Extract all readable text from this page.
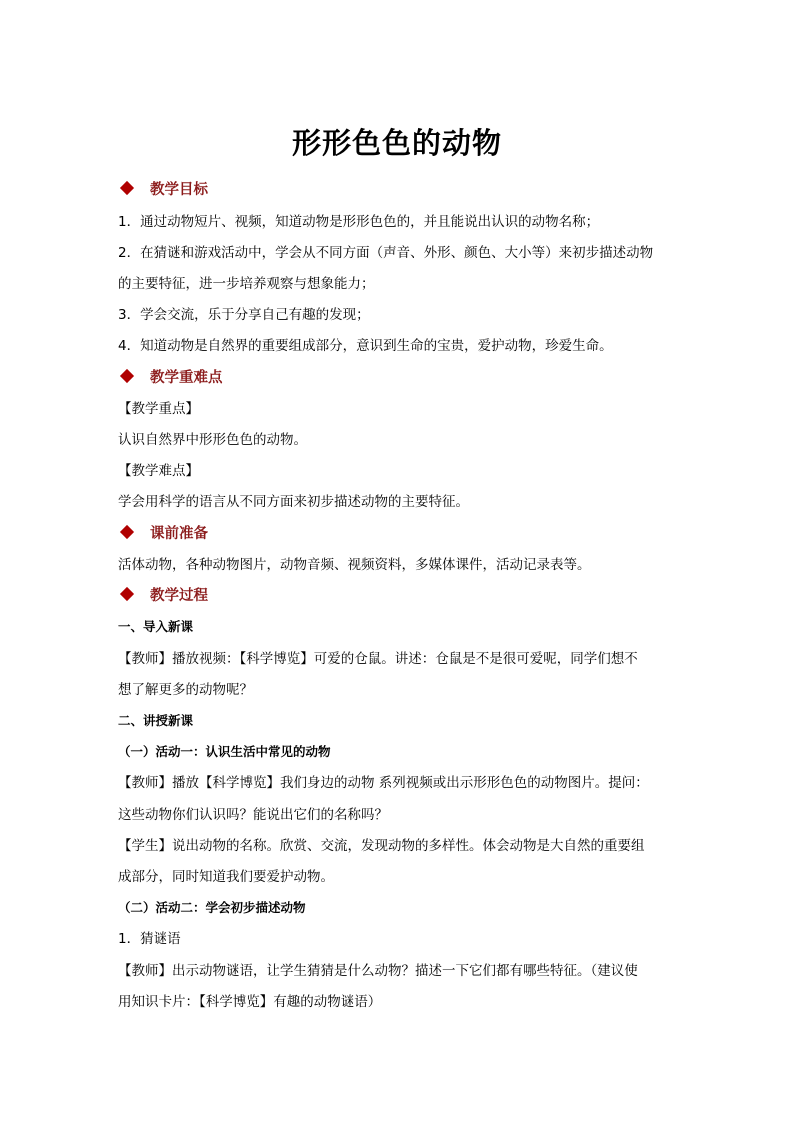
形形色色的动物
教学目标
1．通过动物短片、视频，知道动物是形形色色的，并且能说出认识的动物名称；
2．在猜谜和游戏活动中，学会从不同方面（声音、外形、颜色、大小等）来初步描述动物
的主要特征，进一步培养观察与想象能力；
3．学会交流，乐于分享自己有趣的发现；
4．知道动物是自然界的重要组成部分，意识到生命的宝贵，爱护动物，珍爱生命。
教学重难点
【教学重点】
认识自然界中形形色色的动物。
【教学难点】
学会用科学的语言从不同方面来初步描述动物的主要特征。
课前准备
活体动物，各种动物图片，动物音频、视频资料，多媒体课件，活动记录表等。
教学过程
一、导入新课
【教师】播放视频：【科学博览】可爱的仓鼠。讲述：仓鼠是不是很可爱呢，同学们想不
想了解更多的动物呢？
二、讲授新课
（一）活动一：认识生活中常见的动物
【教师】播放【科学博览】我们身边的动物 系列视频或出示形形色色的动物图片。提问：
这些动物你们认识吗？能说出它们的名称吗？
【学生】说出动物的名称。欣赏、交流，发现动物的多样性。体会动物是大自然的重要组
成部分，同时知道我们要爱护动物。
（二）活动二：学会初步描述动物
1．猜谜语
【教师】出示动物谜语，让学生猜猜是什么动物？描述一下它们都有哪些特征。（建议使
用知识卡片：【科学博览】有趣的动物谜语）
